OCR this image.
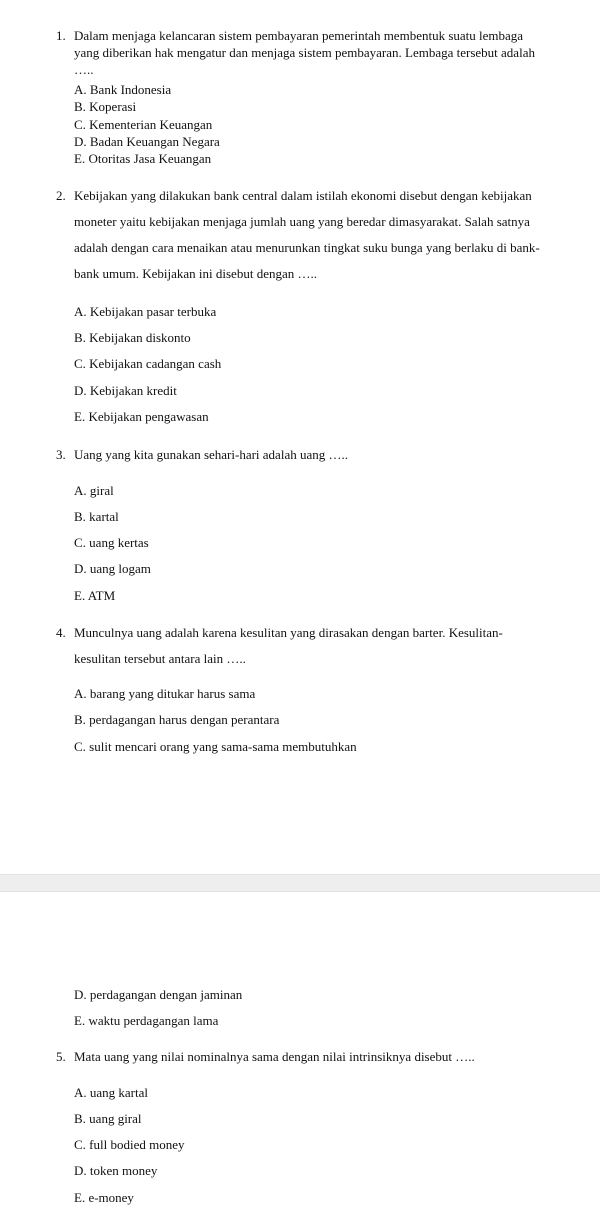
1. Dalam menjaga kelancaran sistem pembayaran pemerintah membentuk suatu lembaga
yang diberikan hak mengatur dan menjaga sistem pembayaran. Lembaga tersebut adalah
…..
A. Bank Indonesia
B. Koperasi
C. Kementerian Keuangan
D. Badan Keuangan Negara
E. Otoritas Jasa Keuangan
2. Kebijakan yang dilakukan bank central dalam istilah ekonomi disebut dengan kebijakan
moneter yaitu kebijakan menjaga jumlah uang yang beredar dimasyarakat. Salah satnya
adalah dengan cara menaikan atau menurunkan tingkat suku bunga yang berlaku di bank-
bank umum. Kebijakan ini disebut dengan …..
A. Kebijakan pasar terbuka
B. Kebijakan diskonto
C. Kebijakan cadangan cash
D. Kebijakan kredit
E. Kebijakan pengawasan
3. Uang yang kita gunakan sehari-hari adalah uang …..
A. giral
B. kartal
C. uang kertas
D. uang logam
E. ATM
4. Munculnya uang adalah karena kesulitan yang dirasakan dengan barter. Kesulitan-
kesulitan tersebut antara lain …..
A. barang yang ditukar harus sama
B. perdagangan harus dengan perantara
C. sulit mencari orang yang sama-sama membutuhkan
D. perdagangan dengan jaminan
E. waktu perdagangan lama
5. Mata uang yang nilai nominalnya sama dengan nilai intrinsiknya disebut …..
A. uang kartal
B. uang giral
C. full bodied money
D. token money
E. e-money
